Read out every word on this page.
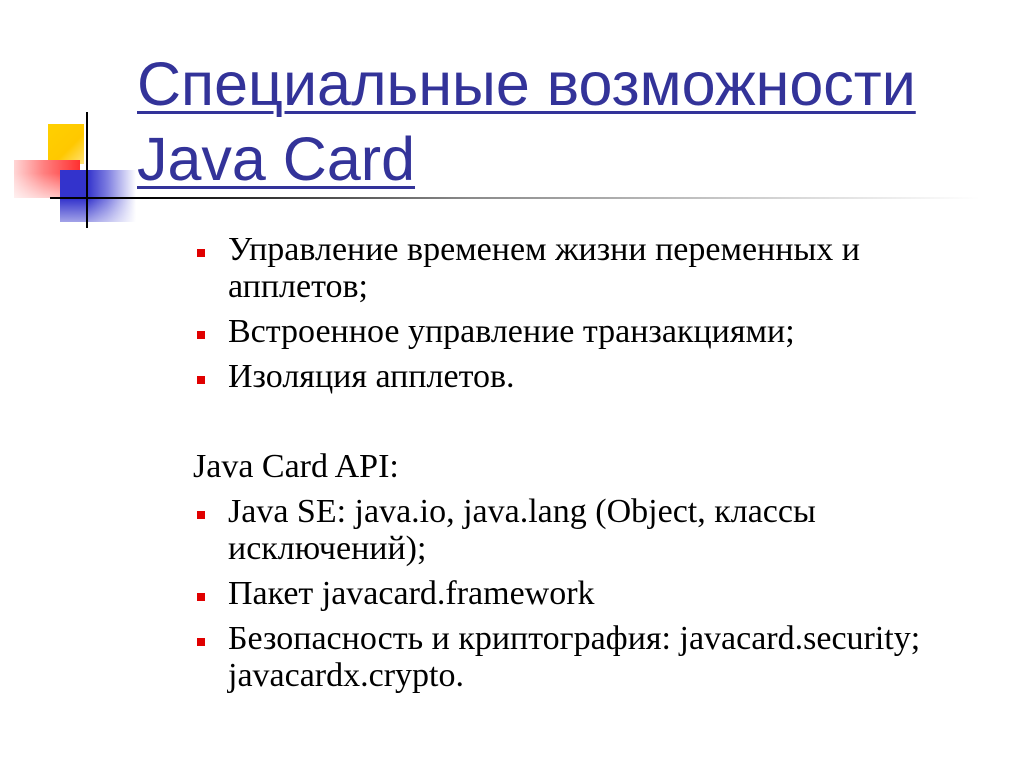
Специальные возможности Java Card
Управление временем жизни переменных и апплетов;
Встроенное управление транзакциями;
Изоляция апплетов.
Java Card API:
Java SE: java.io, java.lang (Object, классы исключений);
Пакет javacard.framework
Безопасность и криптография: javacard.security; javacardx.crypto.
